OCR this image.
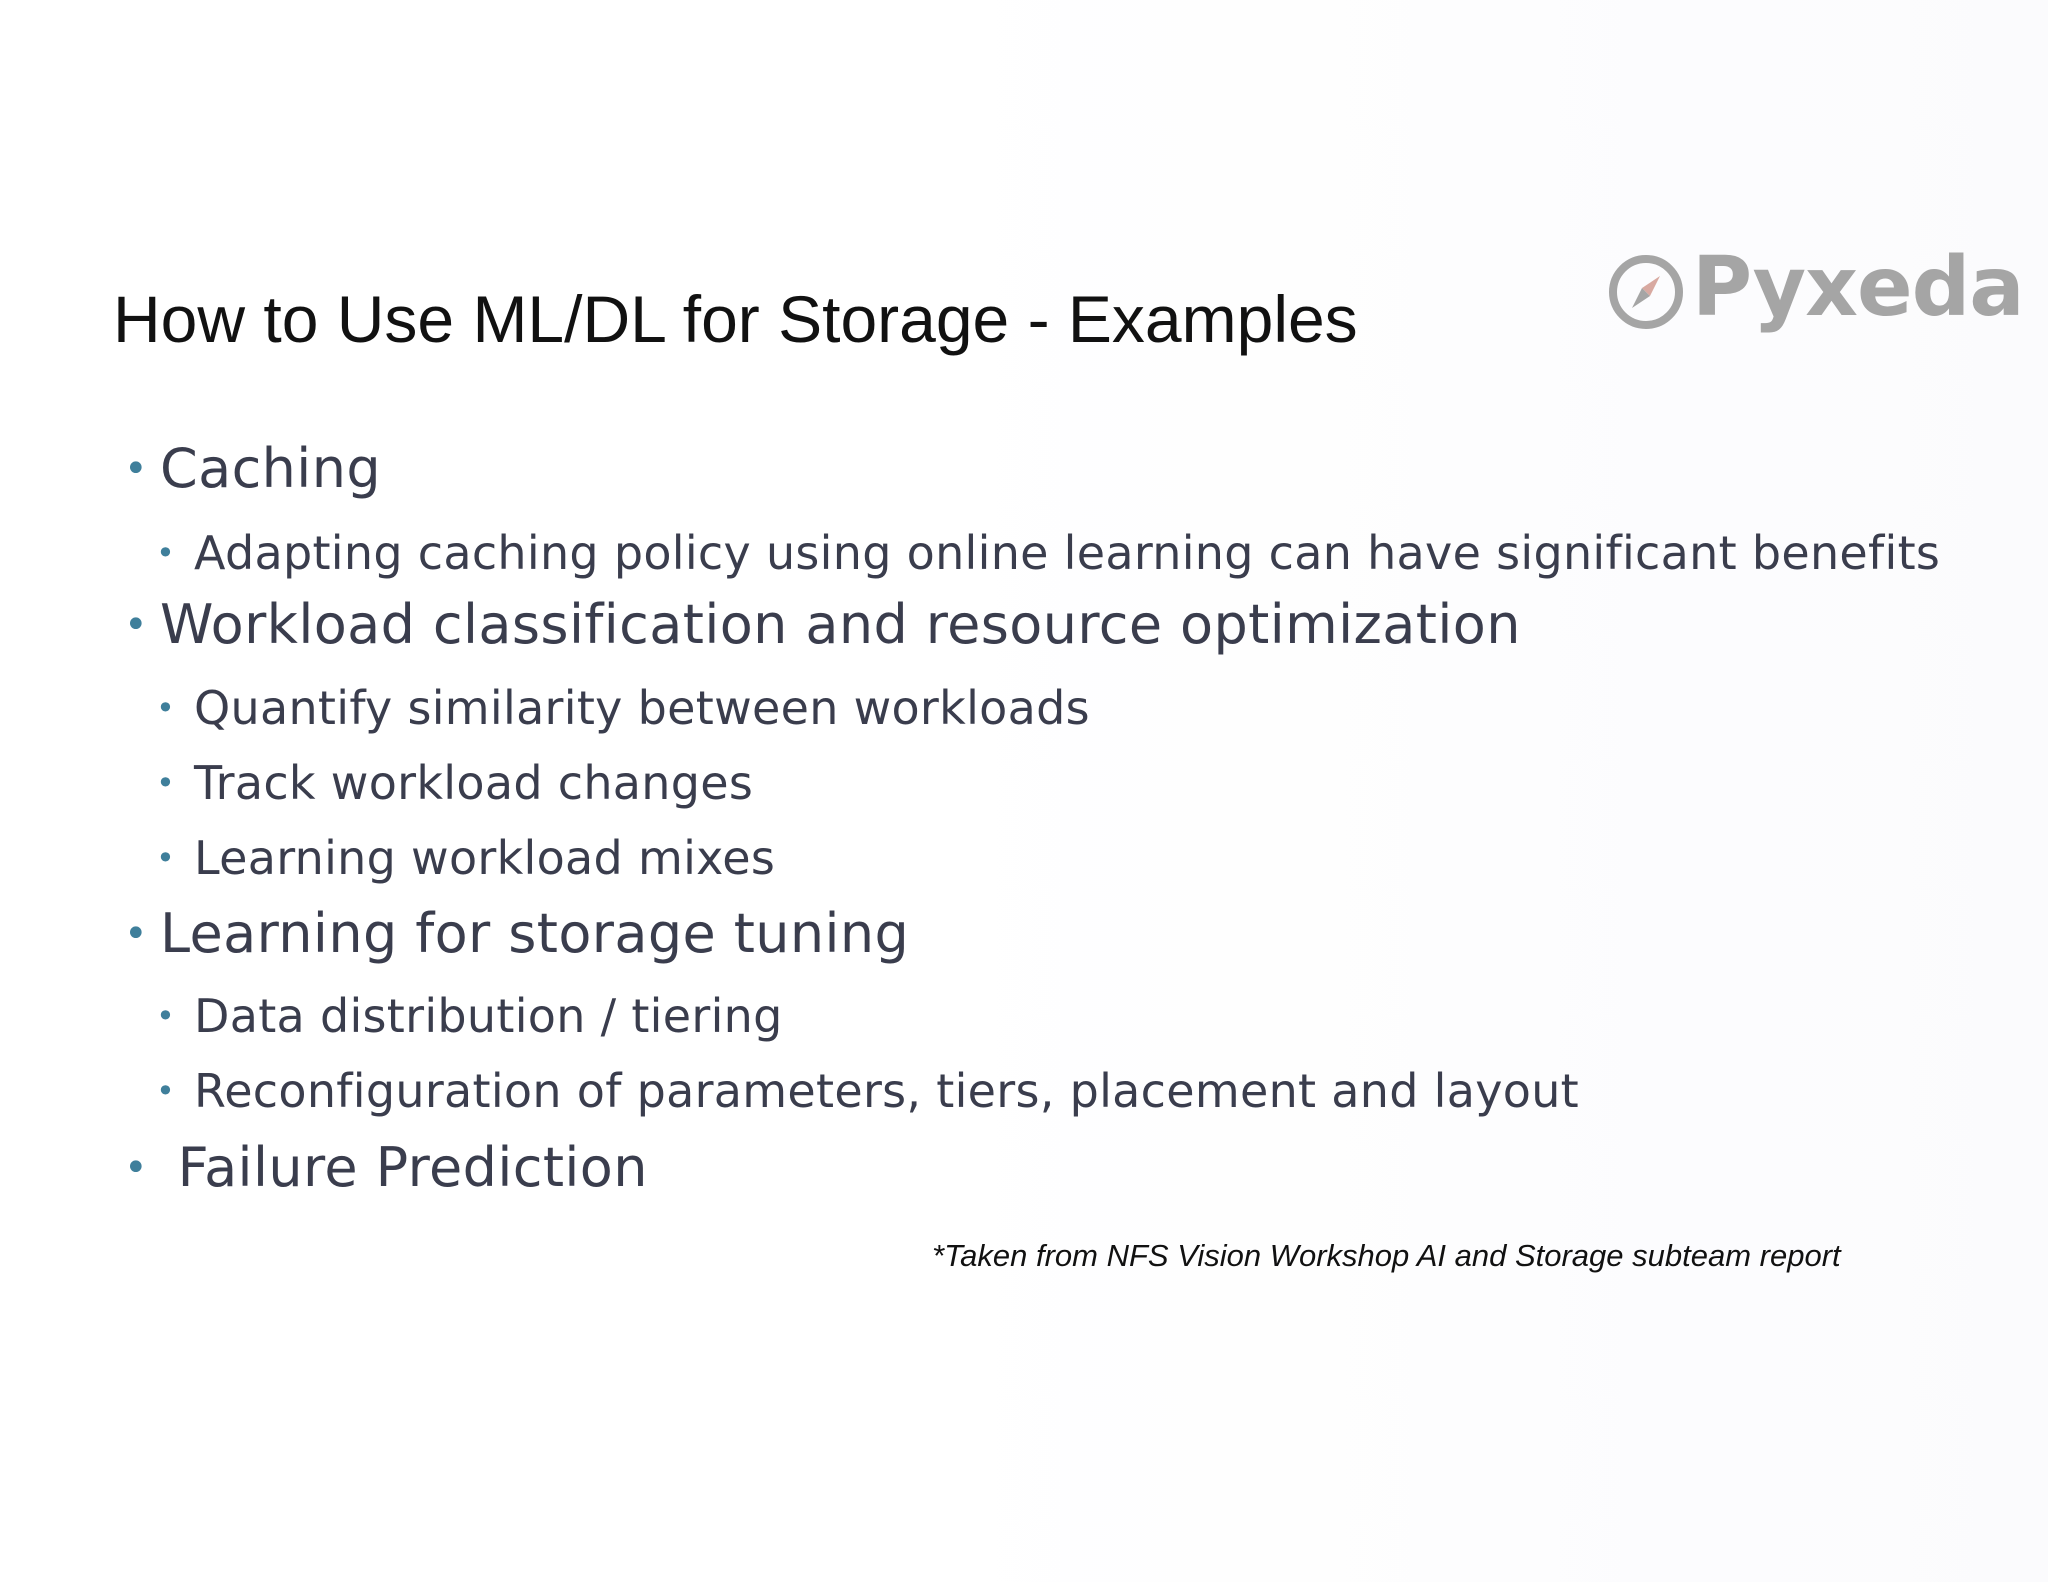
Pyxeda
How to Use ML/DL for Storage - Examples
• Caching
• Adapting caching policy using online learning can have significant benefits
• Workload classification and resource optimization
• Quantify similarity between workloads
• Track workload changes
• Learning workload mixes
• Learning for storage tuning
• Data distribution / tiering
• Reconfiguration of parameters, tiers, placement and layout
• Failure Prediction
*Taken from NFS Vision Workshop AI and Storage subteam report
